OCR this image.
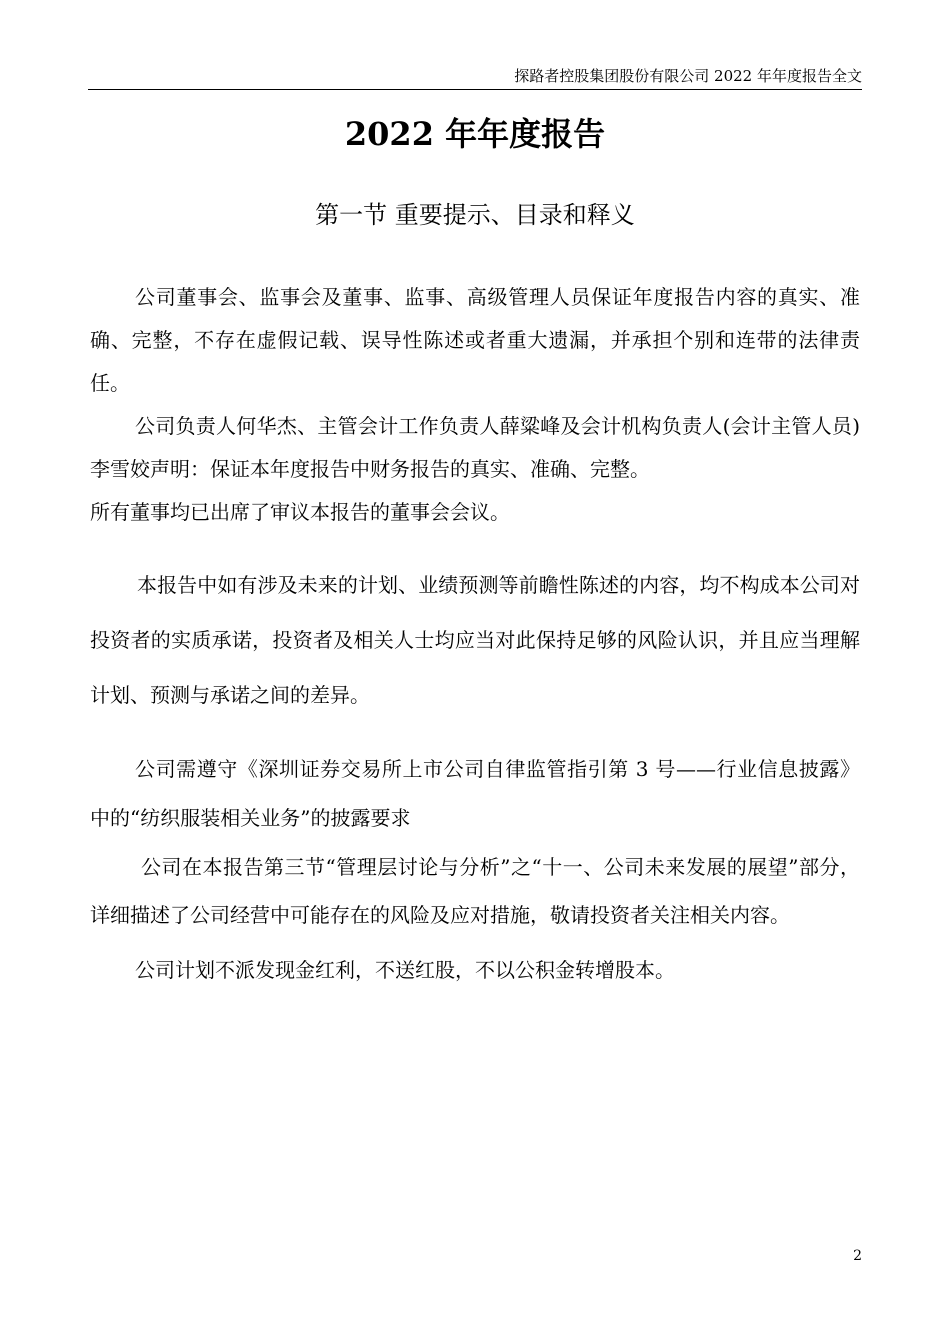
探路者控股集团股份有限公司 2022 年年度报告全文
2022 年年度报告
第一节 重要提示、目录和释义

公司董事会、监事会及董事、监事、高级管理人员保证年度报告内容的真实、准确、完整，不存在虚假记载、误导性陈述或者重大遗漏，并承担个别和连带的法律责任。

公司负责人何华杰、主管会计工作负责人薛粱峰及会计机构负责人(会计主管人员)李雪姣声明：保证本年度报告中财务报告的真实、准确、完整。

所有董事均已出席了审议本报告的董事会会议。

本报告中如有涉及未来的计划、业绩预测等前瞻性陈述的内容，均不构成本公司对投资者的实质承诺，投资者及相关人士均应当对此保持足够的风险认识，并且应当理解计划、预测与承诺之间的差异。

公司需遵守《深圳证券交易所上市公司自律监管指引第 3 号——行业信息披露》中的“纺织服装相关业务”的披露要求

公司在本报告第三节“管理层讨论与分析”之“十一、公司未来发展的展望”部分，详细描述了公司经营中可能存在的风险及应对措施，敬请投资者关注相关内容。

公司计划不派发现金红利，不送红股，不以公积金转增股本。

2
